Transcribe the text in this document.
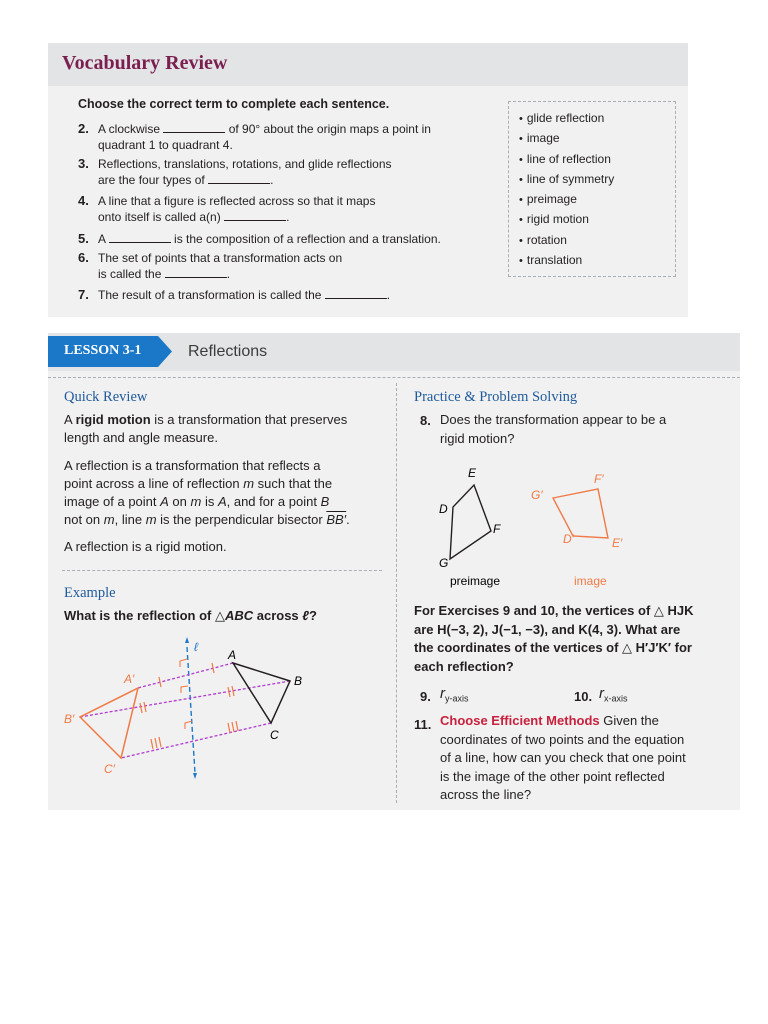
Vocabulary Review
Choose the correct term to complete each sentence.
2. A clockwise	of 90° about the origin maps a point in
quadrant 1 to quadrant 4.
3. Reflections, translations, rotations, and glide reflections
are the four types of	.
4. A line that a figure is reflected across so that it maps
onto itself is called a(n)	.
5. A	is the composition of a reflection and a translation.
6. The set of points that a transformation acts on
is called the	.
7. The result of a transformation is called the	.
• glide reflection
• image
• line of reflection
• line of symmetry
• preimage
• rigid motion
• rotation
• translation
LESSON 3-1	Reflections
Quick Review
A rigid motion is a transformation that preserves
length and angle measure.
A reflection is a transformation that reflects a
point across a line of reflection m such that the
image of a point A on m is A, and for a point B
not on m, line m is the perpendicular bisector BB′.
A reflection is a rigid motion.
Example
What is the reflection of △ABC across ℓ?
ℓ
A
B
C
A′
B′
C′
Practice & Problem Solving
8. Does the transformation appear to be a
rigid motion?
E
D
F
G
G′
F′
D′	E′
preimage	image
For Exercises 9 and 10, the vertices of △ HJK
are H(−3, 2), J(−1, −3), and K(4, 3). What are
the coordinates of the vertices of △ H′J′K′ for
each reflection?
9. $r_{y-axis}$	10. $r_{x-axis}$
11. Choose Efficient Methods Given the
coordinates of two points and the equation
of a line, how can you check that one point
is the image of the other point reflected
across the line?
